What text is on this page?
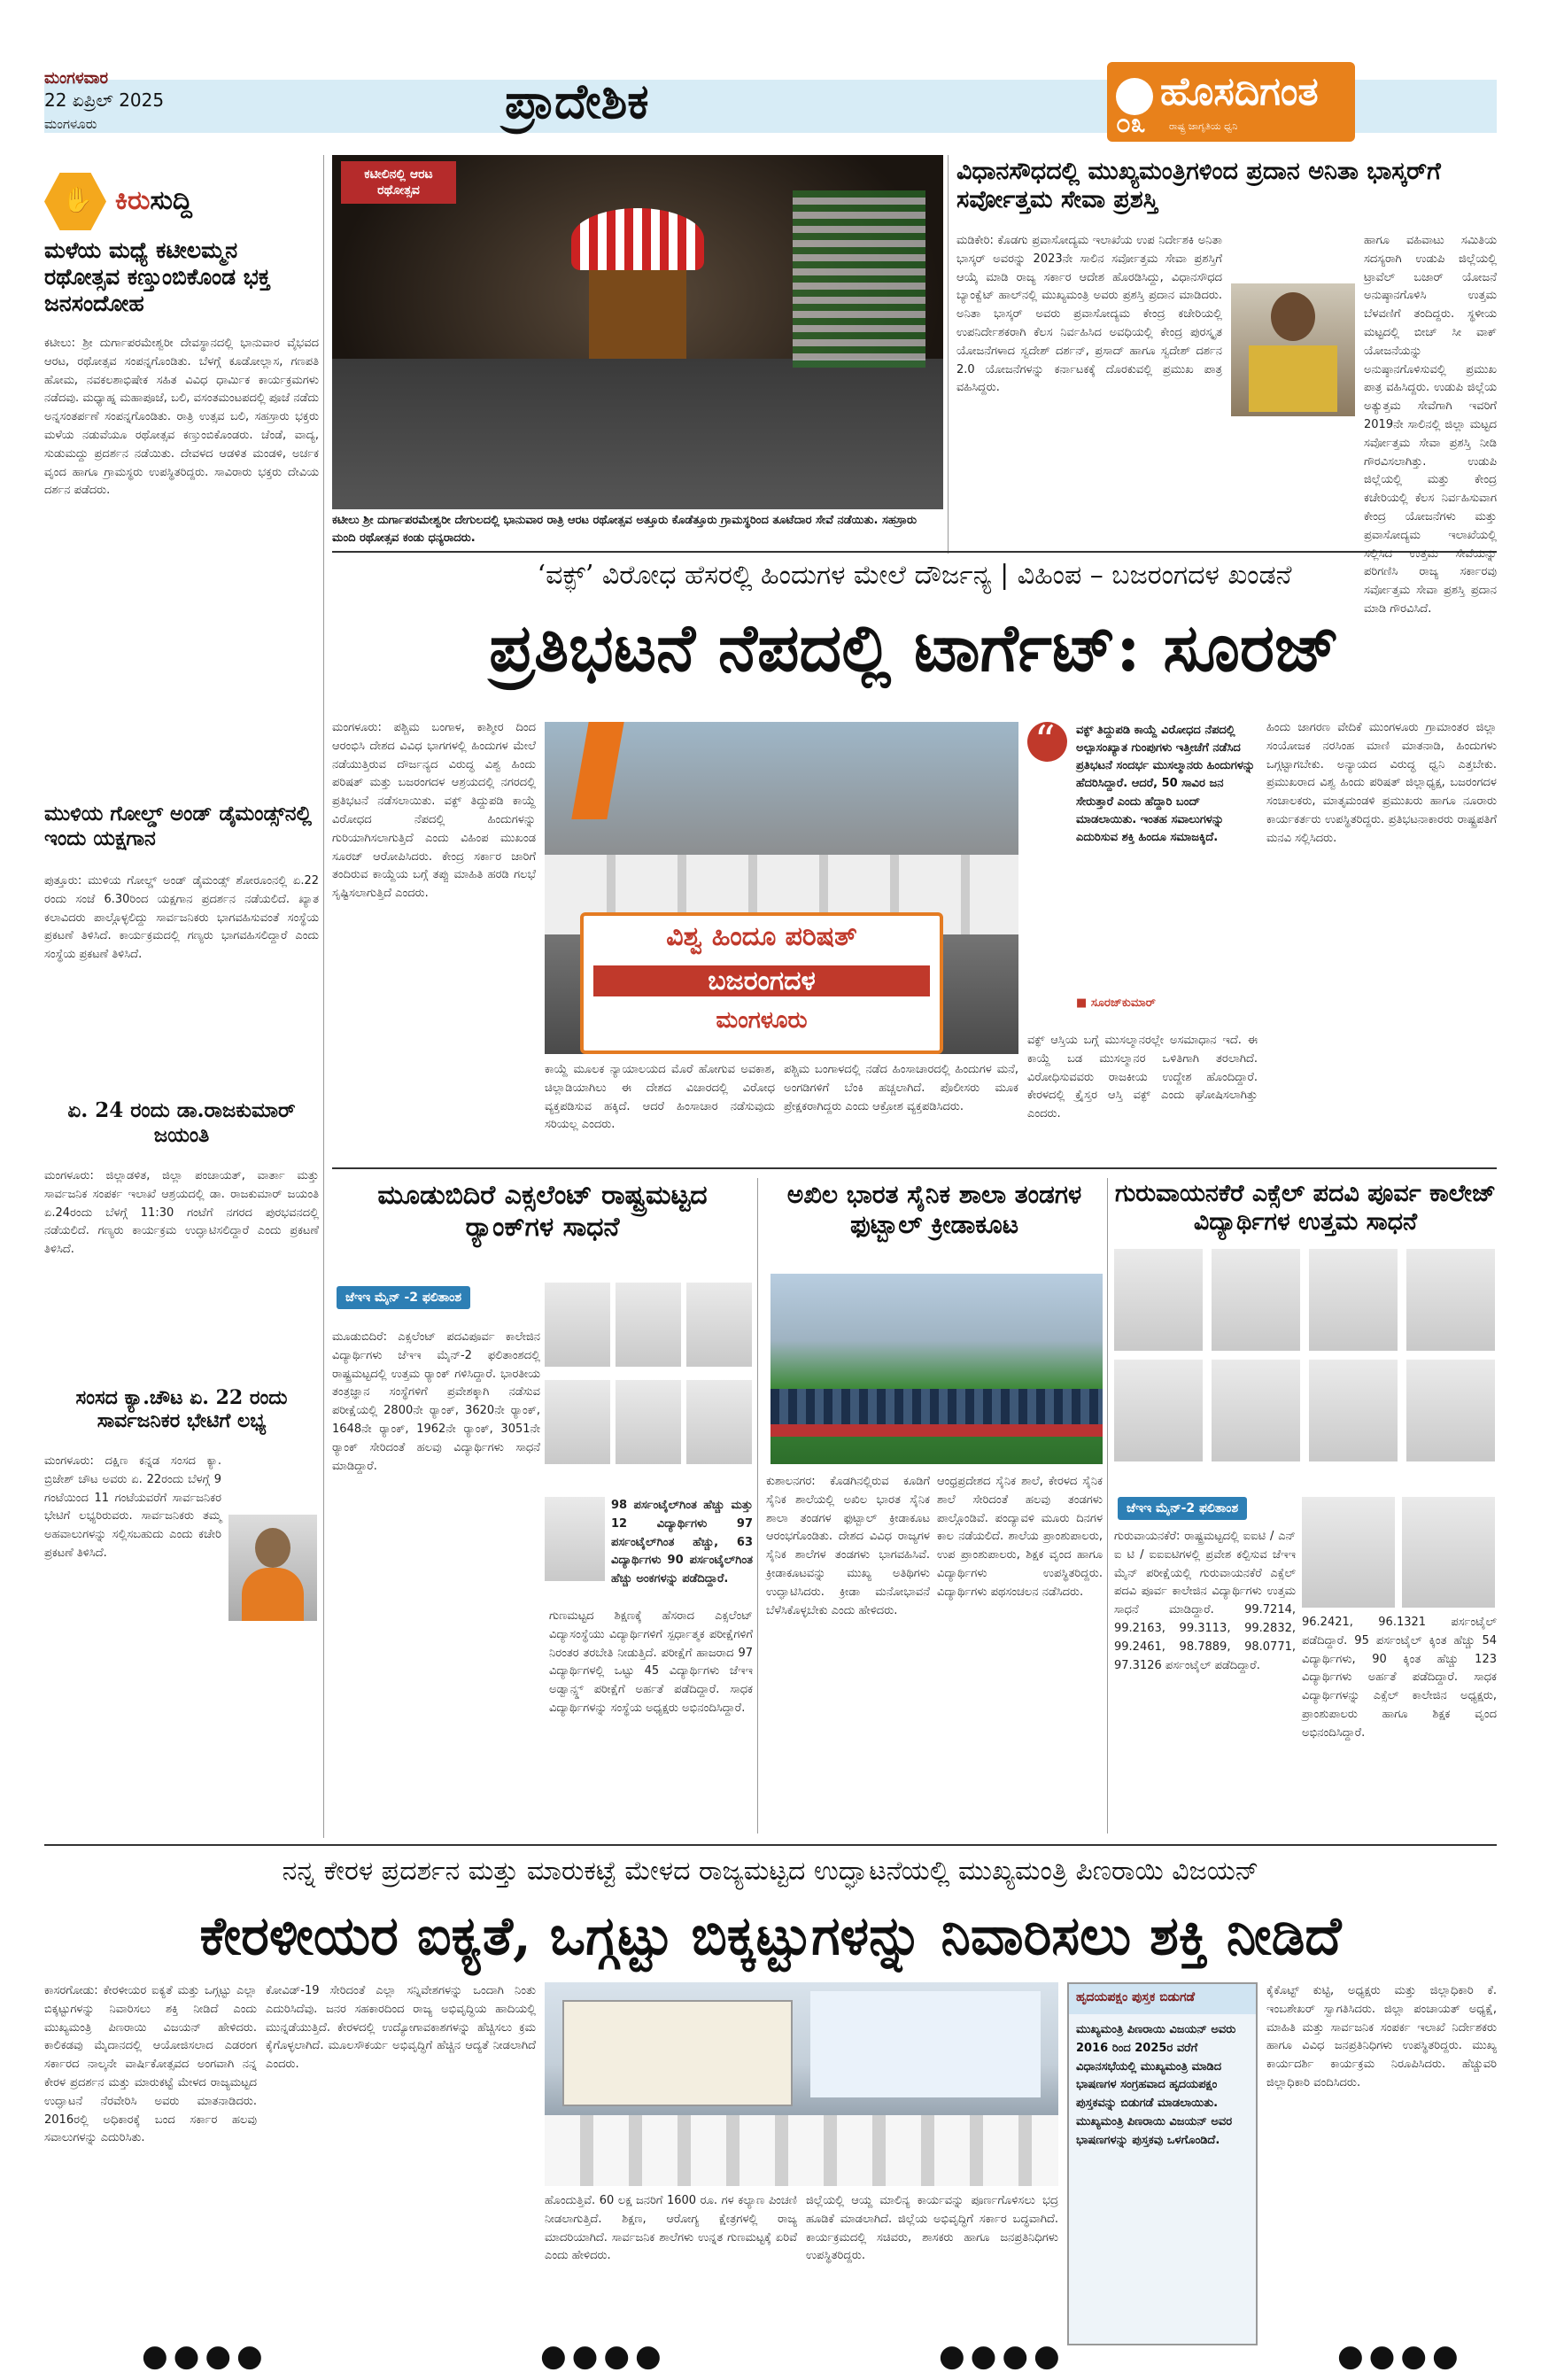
ಮಂಗಳವಾರ
22 ಏಪ್ರಿಲ್ 2025
ಮಂಗಳೂರು	ಪ್ರಾದೇಶಿಕ	ಹೊಸದಿಗಂತ
ರಾಷ್ಟ್ರ ಜಾಗೃತಿಯ ಧ್ವನಿ
೦೩
✋
ಕಿರುಸುದ್ದಿ
ಮಳೆಯ ಮಧ್ಯೆ ಕಟೀಲಮ್ಮನ ರಥೋತ್ಸವ ಕಣ್ತುಂಬಿಕೊಂಡ ಭಕ್ತ ಜನಸಂದೋಹ
ಕಟೀಲು: ಶ್ರೀ ದುರ್ಗಾಪರಮೇಶ್ವರೀ ದೇವಸ್ಥಾನದಲ್ಲಿ ಭಾನುವಾರ ವೈಭವದ ಆರಟ, ರಥೋತ್ಸವ ಸಂಪನ್ನಗೊಂಡಿತು. ಬೆಳಗ್ಗೆ ಕೂಡೋಲ್ಲಾಸ, ಗಣಪತಿ ಹೋಮ, ನವಕಲಶಾಭಿಷೇಕ ಸಹಿತ ವಿವಿಧ ಧಾರ್ಮಿಕ ಕಾರ್ಯಕ್ರಮಗಳು ನಡೆದವು. ಮಧ್ಯಾಹ್ನ ಮಹಾಪೂಜೆ, ಬಲಿ, ವಸಂತಮಂಟಪದಲ್ಲಿ ಪೂಜೆ ನಡೆದು ಅನ್ನಸಂತರ್ಪಣೆ ಸಂಪನ್ನಗೊಂಡಿತು. ರಾತ್ರಿ ಉತ್ಸವ ಬಲಿ, ಸಹಸ್ರಾರು ಭಕ್ತರು ಮಳೆಯ ನಡುವೆಯೂ ರಥೋತ್ಸವ ಕಣ್ತುಂಬಿಕೊಂಡರು. ಚೆಂಡೆ, ವಾದ್ಯ, ಸುಡುಮದ್ದು ಪ್ರದರ್ಶನ ನಡೆಯಿತು. ದೇವಳದ ಆಡಳಿತ ಮಂಡಳಿ, ಅರ್ಚಕ ವೃಂದ ಹಾಗೂ ಗ್ರಾಮಸ್ಥರು ಉಪಸ್ಥಿತರಿದ್ದರು. ಸಾವಿರಾರು ಭಕ್ತರು ದೇವಿಯ ದರ್ಶನ ಪಡೆದರು.
ಮುಳಿಯ ಗೋಲ್ಡ್ ಅಂಡ್ ಡೈಮಂಡ್ಸ್‌ನಲ್ಲಿ ಇಂದು ಯಕ್ಷಗಾನ
ಪುತ್ತೂರು: ಮುಳಿಯ ಗೋಲ್ಡ್ ಅಂಡ್ ಡೈಮಂಡ್ಸ್ ಶೋರೂಂನಲ್ಲಿ ಏ.22 ರಂದು ಸಂಜೆ 6.30ರಿಂದ ಯಕ್ಷಗಾನ ಪ್ರದರ್ಶನ ನಡೆಯಲಿದೆ. ಖ್ಯಾತ ಕಲಾವಿದರು ಪಾಲ್ಗೊಳ್ಳಲಿದ್ದು ಸಾರ್ವಜನಿಕರು ಭಾಗವಹಿಸುವಂತೆ ಸಂಸ್ಥೆಯ ಪ್ರಕಟಣೆ ತಿಳಿಸಿದೆ. ಕಾರ್ಯಕ್ರಮದಲ್ಲಿ ಗಣ್ಯರು ಭಾಗವಹಿಸಲಿದ್ದಾರೆ ಎಂದು ಸಂಸ್ಥೆಯ ಪ್ರಕಟಣೆ ತಿಳಿಸಿದೆ.
ಏ. 24 ರಂದು ಡಾ.ರಾಜಕುಮಾರ್ ಜಯಂತಿ
ಮಂಗಳೂರು: ಜಿಲ್ಲಾಡಳಿತ, ಜಿಲ್ಲಾ ಪಂಚಾಯತ್, ವಾರ್ತಾ ಮತ್ತು ಸಾರ್ವಜನಿಕ ಸಂಪರ್ಕ ಇಲಾಖೆ ಆಶ್ರಯದಲ್ಲಿ ಡಾ. ರಾಜಕುಮಾರ್ ಜಯಂತಿ ಏ.24ರಂದು ಬೆಳಗ್ಗೆ 11:30 ಗಂಟೆಗೆ ನಗರದ ಪುರಭವನದಲ್ಲಿ ನಡೆಯಲಿದೆ. ಗಣ್ಯರು ಕಾರ್ಯಕ್ರಮ ಉದ್ಘಾಟಿಸಲಿದ್ದಾರೆ ಎಂದು ಪ್ರಕಟಣೆ ತಿಳಿಸಿದೆ.
ಸಂಸದ ಕ್ಯಾ.ಚೌಟ ಏ. 22 ರಂದು ಸಾರ್ವಜನಿಕರ ಭೇಟಿಗೆ ಲಭ್ಯ
ಮಂಗಳೂರು: ದಕ್ಷಿಣ ಕನ್ನಡ ಸಂಸದ ಕ್ಯಾ. ಬ್ರಿಜೇಶ್ ಚೌಟ ಅವರು ಏ. 22ರಂದು ಬೆಳಗ್ಗೆ 9 ಗಂಟೆಯಿಂದ 11 ಗಂಟೆಯವರೆಗೆ ಸಾರ್ವಜನಿಕರ ಭೇಟಿಗೆ ಲಭ್ಯರಿರುವರು. ಸಾರ್ವಜನಿಕರು ತಮ್ಮ ಅಹವಾಲುಗಳನ್ನು ಸಲ್ಲಿಸಬಹುದು ಎಂದು ಕಚೇರಿ ಪ್ರಕಟಣೆ ತಿಳಿಸಿದೆ.
ಕಟೀಲಿನಲ್ಲಿ ಆರಟ ರಥೋತ್ಸವ
ಕಟೀಲು ಶ್ರೀ ದುರ್ಗಾಪರಮೇಶ್ವರೀ ದೇಗುಲದಲ್ಲಿ ಭಾನುವಾರ ರಾತ್ರಿ ಆರಟ ರಥೋತ್ಸವ ಅತ್ತೂರು ಕೊಡೆತ್ತೂರು ಗ್ರಾಮಸ್ಥರಿಂದ ತೂಟೆದಾರ ಸೇವೆ ನಡೆಯಿತು. ಸಹಸ್ರಾರು ಮಂದಿ ರಥೋತ್ಸವ ಕಂಡು ಧನ್ಯರಾದರು.
ವಿಧಾನಸೌಧದಲ್ಲಿ ಮುಖ್ಯಮಂತ್ರಿಗಳಿಂದ ಪ್ರದಾನ ಅನಿತಾ ಭಾಸ್ಕರ್‌ಗೆ ಸರ್ವೋತ್ತಮ ಸೇವಾ ಪ್ರಶಸ್ತಿ
ಮಡಿಕೇರಿ: ಕೊಡಗು ಪ್ರವಾಸೋದ್ಯಮ ಇಲಾಖೆಯ ಉಪ ನಿರ್ದೇಶಕಿ ಅನಿತಾ ಭಾಸ್ಕರ್ ಅವರನ್ನು 2023ನೇ ಸಾಲಿನ ಸರ್ವೋತ್ತಮ ಸೇವಾ ಪ್ರಶಸ್ತಿಗೆ ಆಯ್ಕೆ ಮಾಡಿ ರಾಜ್ಯ ಸರ್ಕಾರ ಆದೇಶ ಹೊರಡಿಸಿದ್ದು, ವಿಧಾನಸೌಧದ ಬ್ಯಾಂಕ್ವೆಟ್ ಹಾಲ್‌ನಲ್ಲಿ ಮುಖ್ಯಮಂತ್ರಿ ಅವರು ಪ್ರಶಸ್ತಿ ಪ್ರದಾನ ಮಾಡಿದರು. ಅನಿತಾ ಭಾಸ್ಕರ್ ಅವರು ಪ್ರವಾಸೋದ್ಯಮ ಕೇಂದ್ರ ಕಚೇರಿಯಲ್ಲಿ ಉಪನಿರ್ದೇಶಕರಾಗಿ ಕೆಲಸ ನಿರ್ವಹಿಸಿದ ಅವಧಿಯಲ್ಲಿ ಕೇಂದ್ರ ಪುರಸ್ಕೃತ ಯೋಜನೆಗಳಾದ ಸ್ವದೇಶ್ ದರ್ಶನ್, ಪ್ರಸಾದ್ ಹಾಗೂ ಸ್ವದೇಶ್ ದರ್ಶನ 2.0 ಯೋಜನೆಗಳನ್ನು ಕರ್ನಾಟಕಕ್ಕೆ ದೊರಕುವಲ್ಲಿ ಪ್ರಮುಖ ಪಾತ್ರ ವಹಿಸಿದ್ದರು.
ಹಾಗೂ ವಹಿವಾಟು ಸಮಿತಿಯ ಸದಸ್ಯರಾಗಿ ಉಡುಪಿ ಜಿಲ್ಲೆಯಲ್ಲಿ ಟ್ರಾವೆಲ್ ಬಜಾರ್ ಯೋಜನೆ ಅನುಷ್ಠಾನಗೊಳಿಸಿ ಉತ್ತಮ ಬೆಳವಣಿಗೆ ತಂದಿದ್ದರು. ಸ್ಥಳೀಯ ಮಟ್ಟದಲ್ಲಿ ಬೀಚ್ ಸೀ ವಾಕ್ ಯೋಜನೆಯನ್ನು ಅನುಷ್ಠಾನಗೊಳಿಸುವಲ್ಲಿ ಪ್ರಮುಖ ಪಾತ್ರ ವಹಿಸಿದ್ದರು. ಉಡುಪಿ ಜಿಲ್ಲೆಯ ಅತ್ಯುತ್ತಮ ಸೇವೆಗಾಗಿ ಇವರಿಗೆ 2019ನೇ ಸಾಲಿನಲ್ಲಿ ಜಿಲ್ಲಾ ಮಟ್ಟದ ಸರ್ವೋತ್ತಮ ಸೇವಾ ಪ್ರಶಸ್ತಿ ನೀಡಿ ಗೌರವಿಸಲಾಗಿತ್ತು. ಉಡುಪಿ ಜಿಲ್ಲೆಯಲ್ಲಿ ಮತ್ತು ಕೇಂದ್ರ ಕಚೇರಿಯಲ್ಲಿ ಕೆಲಸ ನಿರ್ವಹಿಸುವಾಗ ಕೇಂದ್ರ ಯೋಜನೆಗಳು ಮತ್ತು ಪ್ರವಾಸೋದ್ಯಮ ಇಲಾಖೆಯಲ್ಲಿ ಸಲ್ಲಿಸಿದ ಉತ್ತಮ ಸೇವೆಯನ್ನು ಪರಿಗಣಿಸಿ ರಾಜ್ಯ ಸರ್ಕಾರವು ಸರ್ವೋತ್ತಮ ಸೇವಾ ಪ್ರಶಸ್ತಿ ಪ್ರದಾನ ಮಾಡಿ ಗೌರವಿಸಿದೆ.
‘ವಕ್ಫ್’ ವಿರೋಧ ಹೆಸರಲ್ಲಿ ಹಿಂದುಗಳ ಮೇಲೆ ದೌರ್ಜನ್ಯ | ವಿಹಿಂಪ – ಬಜರಂಗದಳ ಖಂಡನೆ
ಪ್ರತಿಭಟನೆ ನೆಪದಲ್ಲಿ ಟಾರ್ಗೆಟ್: ಸೂರಜ್
ಮಂಗಳೂರು: ಪಶ್ಚಿಮ ಬಂಗಾಳ, ಕಾಶ್ಮೀರ ದಿಂದ ಆರಂಭಿಸಿ ದೇಶದ ವಿವಿಧ ಭಾಗಗಳಲ್ಲಿ ಹಿಂದುಗಳ ಮೇಲೆ ನಡೆಯುತ್ತಿರುವ ದೌರ್ಜನ್ಯದ ವಿರುದ್ಧ ವಿಶ್ವ ಹಿಂದು ಪರಿಷತ್ ಮತ್ತು ಬಜರಂಗದಳ ಆಶ್ರಯದಲ್ಲಿ ನಗರದಲ್ಲಿ ಪ್ರತಿಭಟನೆ ನಡೆಸಲಾಯಿತು. ವಕ್ಫ್ ತಿದ್ದುಪಡಿ ಕಾಯ್ದೆ ವಿರೋಧದ ನೆಪದಲ್ಲಿ ಹಿಂದುಗಳನ್ನು ಗುರಿಯಾಗಿಸಲಾಗುತ್ತಿದೆ ಎಂದು ವಿಹಿಂಪ ಮುಖಂಡ ಸೂರಜ್ ಆರೋಪಿಸಿದರು. ಕೇಂದ್ರ ಸರ್ಕಾರ ಜಾರಿಗೆ ತಂದಿರುವ ಕಾಯ್ದೆಯ ಬಗ್ಗೆ ತಪ್ಪು ಮಾಹಿತಿ ಹರಡಿ ಗಲಭೆ ಸೃಷ್ಟಿಸಲಾಗುತ್ತಿದೆ ಎಂದರು.
ವಿಶ್ವ ಹಿಂದೂ ಪರಿಷತ್
ಬಜರಂಗದಳ
ಮಂಗಳೂರು
ಕಾಯ್ದೆ ಮೂಲಕ ನ್ಯಾಯಾಲಯದ ಮೊರೆ ಹೋಗುವ ಅವಕಾಶ, ಚಿಲ್ಲಾಡಿಯಾಗಿಲು ಈ ದೇಶದ ವಿಚಾರದಲ್ಲಿ ವಿರೋಧ ವ್ಯಕ್ತಪಡಿಸುವ ಹಕ್ಕಿದೆ. ಆದರೆ ಹಿಂಸಾಚಾರ ನಡೆಸುವುದು ಸರಿಯಲ್ಲ ಎಂದರು.
ಪಶ್ಚಿಮ ಬಂಗಾಳದಲ್ಲಿ ನಡೆದ ಹಿಂಸಾಚಾರದಲ್ಲಿ ಹಿಂದುಗಳ ಮನೆ, ಅಂಗಡಿಗಳಿಗೆ ಬೆಂಕಿ ಹಚ್ಚಲಾಗಿದೆ. ಪೊಲೀಸರು ಮೂಕ ಪ್ರೇಕ್ಷಕರಾಗಿದ್ದರು ಎಂದು ಆಕ್ರೋಶ ವ್ಯಕ್ತಪಡಿಸಿದರು.
“ ವಕ್ಫ್ ತಿದ್ದುಪಡಿ ಕಾಯ್ದೆ ವಿರೋಧದ ನೆಪದಲ್ಲಿ ಅಲ್ಪಾಸಂಖ್ಯಾತ ಗುಂಪುಗಳು ಇತ್ತೀಚೆಗೆ ನಡೆಸಿದ ಪ್ರತಿಭಟನೆ ಸಂದರ್ಭ ಮುಸಲ್ಮಾನರು ಹಿಂದುಗಳನ್ನು ಹೆದರಿಸಿದ್ದಾರೆ. ಆದರೆ, 50 ಸಾವಿರ ಜನ ಸೇರುತ್ತಾರೆ ಎಂದು ಹೆದ್ದಾರಿ ಬಂದ್ ಮಾಡಲಾಯಿತು. ಇಂತಹ ಸವಾಲುಗಳನ್ನು ಎದುರಿಸುವ ಶಕ್ತಿ ಹಿಂದೂ ಸಮಾಜಕ್ಕಿದೆ.
■ ಸೂರಜ್‌ಕುಮಾರ್
ವಕ್ಫ್ ಆಸ್ತಿಯ ಬಗ್ಗೆ ಮುಸಲ್ಮಾನರಲ್ಲೇ ಅಸಮಾಧಾನ ಇದೆ. ಈ ಕಾಯ್ದೆ ಬಡ ಮುಸಲ್ಮಾನರ ಒಳಿತಿಗಾಗಿ ತರಲಾಗಿದೆ. ವಿರೋಧಿಸುವವರು ರಾಜಕೀಯ ಉದ್ದೇಶ ಹೊಂದಿದ್ದಾರೆ. ಕೇರಳದಲ್ಲಿ ಕ್ರೈಸ್ತರ ಆಸ್ತಿ ವಕ್ಫ್ ಎಂದು ಘೋಷಿಸಲಾಗಿತ್ತು ಎಂದರು.
ಹಿಂದು ಜಾಗರಣ ವೇದಿಕೆ ಮುಂಗಳೂರು ಗ್ರಾಮಾಂತರ ಜಿಲ್ಲಾ ಸಂಯೋಜಕ ನರಸಿಂಹ ಮಾಣಿ ಮಾತನಾಡಿ, ಹಿಂದುಗಳು ಒಗ್ಗಟ್ಟಾಗಬೇಕು. ಅನ್ಯಾಯದ ವಿರುದ್ಧ ಧ್ವನಿ ಎತ್ತಬೇಕು. ಪ್ರಮುಖರಾದ ವಿಶ್ವ ಹಿಂದು ಪರಿಷತ್ ಜಿಲ್ಲಾಧ್ಯಕ್ಷ, ಬಜರಂಗದಳ ಸಂಚಾಲಕರು, ಮಾತೃಮಂಡಳಿ ಪ್ರಮುಖರು ಹಾಗೂ ನೂರಾರು ಕಾರ್ಯಕರ್ತರು ಉಪಸ್ಥಿತರಿದ್ದರು. ಪ್ರತಿಭಟನಾಕಾರರು ರಾಷ್ಟ್ರಪತಿಗೆ ಮನವಿ ಸಲ್ಲಿಸಿದರು.
ಮೂಡುಬಿದಿರೆ ಎಕ್ಸಲೆಂಟ್ ರಾಷ್ಟ್ರಮಟ್ಟದ ರ್‍ಯಾಂಕ್‌ಗಳ ಸಾಧನೆ
ಜೆಇಇ ಮೈನ್ -2 ಫಲಿತಾಂಶ
ಮೂಡುಬಿದಿರೆ: ಎಕ್ಸಲೆಂಟ್ ಪದವಿಪೂರ್ವ ಕಾಲೇಜಿನ ವಿದ್ಯಾರ್ಥಿಗಳು ಜೆಇಇ ಮೈನ್-2 ಫಲಿತಾಂಶದಲ್ಲಿ ರಾಷ್ಟ್ರಮಟ್ಟದಲ್ಲಿ ಉತ್ತಮ ರ್‍ಯಾಂಕ್ ಗಳಿಸಿದ್ದಾರೆ. ಭಾರತೀಯ ತಂತ್ರಜ್ಞಾನ ಸಂಸ್ಥೆಗಳಿಗೆ ಪ್ರವೇಶಕ್ಕಾಗಿ ನಡೆಸುವ ಪರೀಕ್ಷೆಯಲ್ಲಿ 2800ನೇ ರ್‍ಯಾಂಕ್, 3620ನೇ ರ್‍ಯಾಂಕ್, 1648ನೇ ರ್‍ಯಾಂಕ್, 1962ನೇ ರ್‍ಯಾಂಕ್, 3051ನೇ ರ್‍ಯಾಂಕ್ ಸೇರಿದಂತೆ ಹಲವು ವಿದ್ಯಾರ್ಥಿಗಳು ಸಾಧನೆ ಮಾಡಿದ್ದಾರೆ.
98 ಪರ್ಸಂಟೈಲ್‌ಗಿಂತ ಹೆಚ್ಚು ಮತ್ತು 12 ವಿದ್ಯಾರ್ಥಿಗಳು 97 ಪರ್ಸಂಟೈಲ್‌ಗಿಂತ ಹೆಚ್ಚು, 63 ವಿದ್ಯಾರ್ಥಿಗಳು 90 ಪರ್ಸಂಟೈಲ್‌ಗಿಂತ ಹೆಚ್ಚು ಅಂಕಗಳನ್ನು ಪಡೆದಿದ್ದಾರೆ.
ಗುಣಮಟ್ಟದ ಶಿಕ್ಷಣಕ್ಕೆ ಹೆಸರಾದ ಎಕ್ಸಲೆಂಟ್ ವಿದ್ಯಾಸಂಸ್ಥೆಯು ವಿದ್ಯಾರ್ಥಿಗಳಿಗೆ ಸ್ಪರ್ಧಾತ್ಮಕ ಪರೀಕ್ಷೆಗಳಿಗೆ ನಿರಂತರ ತರಬೇತಿ ನೀಡುತ್ತಿದೆ. ಪರೀಕ್ಷೆಗೆ ಹಾಜರಾದ 97 ವಿದ್ಯಾರ್ಥಿಗಳಲ್ಲಿ ಒಟ್ಟು 45 ವಿದ್ಯಾರ್ಥಿಗಳು ಜೆಇಇ ಅಡ್ವಾನ್ಸ್ಡ್ ಪರೀಕ್ಷೆಗೆ ಅರ್ಹತೆ ಪಡೆದಿದ್ದಾರೆ. ಸಾಧಕ ವಿದ್ಯಾರ್ಥಿಗಳನ್ನು ಸಂಸ್ಥೆಯ ಅಧ್ಯಕ್ಷರು ಅಭಿನಂದಿಸಿದ್ದಾರೆ.
ಅಖಿಲ ಭಾರತ ಸೈನಿಕ ಶಾಲಾ ತಂಡಗಳ ಫುಟ್ಬಾಲ್ ಕ್ರೀಡಾಕೂಟ
ಕುಶಾಲನಗರ: ಕೊಡಗಿನಲ್ಲಿರುವ ಕೂಡಿಗೆ ಸೈನಿಕ ಶಾಲೆಯಲ್ಲಿ ಅಖಿಲ ಭಾರತ ಸೈನಿಕ ಶಾಲಾ ತಂಡಗಳ ಫುಟ್ಬಾಲ್ ಕ್ರೀಡಾಕೂಟ ಆರಂಭಗೊಂಡಿತು. ದೇಶದ ವಿವಿಧ ರಾಜ್ಯಗಳ ಸೈನಿಕ ಶಾಲೆಗಳ ತಂಡಗಳು ಭಾಗವಹಿಸಿವೆ. ಕ್ರೀಡಾಕೂಟವನ್ನು ಮುಖ್ಯ ಅತಿಥಿಗಳು ಉದ್ಘಾಟಿಸಿದರು. ಕ್ರೀಡಾ ಮನೋಭಾವನೆ ಬೆಳೆಸಿಕೊಳ್ಳಬೇಕು ಎಂದು ಹೇಳಿದರು.
ಆಂಧ್ರಪ್ರದೇಶದ ಸೈನಿಕ ಶಾಲೆ, ಕೇರಳದ ಸೈನಿಕ ಶಾಲೆ ಸೇರಿದಂತೆ ಹಲವು ತಂಡಗಳು ಪಾಲ್ಗೊಂಡಿವೆ. ಪಂದ್ಯಾವಳಿ ಮೂರು ದಿನಗಳ ಕಾಲ ನಡೆಯಲಿದೆ. ಶಾಲೆಯ ಪ್ರಾಂಶುಪಾಲರು, ಉಪ ಪ್ರಾಂಶುಪಾಲರು, ಶಿಕ್ಷಕ ವೃಂದ ಹಾಗೂ ವಿದ್ಯಾರ್ಥಿಗಳು ಉಪಸ್ಥಿತರಿದ್ದರು. ವಿದ್ಯಾರ್ಥಿಗಳು ಪಥಸಂಚಲನ ನಡೆಸಿದರು.
ಗುರುವಾಯನಕೆರೆ ಎಕ್ಸೆಲ್ ಪದವಿ ಪೂರ್ವ ಕಾಲೇಜ್ ವಿದ್ಯಾರ್ಥಿಗಳ ಉತ್ತಮ ಸಾಧನೆ
ಜೆಇಇ ಮೈನ್-2 ಫಲಿತಾಂಶ
ಗುರುವಾಯನಕೆರೆ: ರಾಷ್ಟ್ರಮಟ್ಟದಲ್ಲಿ ಐಐಟಿ / ಎನ್ ಐ ಟಿ / ಐಐಐಟಿಗಳಲ್ಲಿ ಪ್ರವೇಶ ಕಲ್ಪಿಸುವ ಜೆಇಇ ಮೈನ್ ಪರೀಕ್ಷೆಯಲ್ಲಿ ಗುರುವಾಯನಕೆರೆ ಎಕ್ಸೆಲ್ ಪದವಿ ಪೂರ್ವ ಕಾಲೇಜಿನ ವಿದ್ಯಾರ್ಥಿಗಳು ಉತ್ತಮ ಸಾಧನೆ ಮಾಡಿದ್ದಾರೆ. 99.7214, 99.2163, 99.3113, 99.2832, 99.2461, 98.7889, 98.0771, 97.3126 ಪರ್ಸಂಟೈಲ್ ಪಡೆದಿದ್ದಾರೆ.
96.2421, 96.1321 ಪರ್ಸಂಟೈಲ್ ಪಡೆದಿದ್ದಾರೆ. 95 ಪರ್ಸಂಟೈಲ್ ಕ್ಕಿಂತ ಹೆಚ್ಚು 54 ವಿದ್ಯಾರ್ಥಿಗಳು, 90 ಕ್ಕಿಂತ ಹೆಚ್ಚು 123 ವಿದ್ಯಾರ್ಥಿಗಳು ಅರ್ಹತೆ ಪಡೆದಿದ್ದಾರೆ. ಸಾಧಕ ವಿದ್ಯಾರ್ಥಿಗಳನ್ನು ಎಕ್ಸೆಲ್ ಕಾಲೇಜಿನ ಅಧ್ಯಕ್ಷರು, ಪ್ರಾಂಶುಪಾಲರು ಹಾಗೂ ಶಿಕ್ಷಕ ವೃಂದ ಅಭಿನಂದಿಸಿದ್ದಾರೆ.
ನನ್ನ ಕೇರಳ ಪ್ರದರ್ಶನ ಮತ್ತು ಮಾರುಕಟ್ಟೆ ಮೇಳದ ರಾಜ್ಯಮಟ್ಟದ ಉದ್ಘಾಟನೆಯಲ್ಲಿ ಮುಖ್ಯಮಂತ್ರಿ ಪಿಣರಾಯಿ ವಿಜಯನ್
ಕೇರಳೀಯರ ಐಕ್ಯತೆ, ಒಗ್ಗಟ್ಟು ಬಿಕ್ಕಟ್ಟುಗಳನ್ನು ನಿವಾರಿಸಲು ಶಕ್ತಿ ನೀಡಿದೆ
ಕಾಸರಗೋಡು: ಕೇರಳೀಯರ ಐಕ್ಯತೆ ಮತ್ತು ಒಗ್ಗಟ್ಟು ಎಲ್ಲಾ ಬಿಕ್ಕಟ್ಟುಗಳನ್ನು ನಿವಾರಿಸಲು ಶಕ್ತಿ ನೀಡಿದೆ ಎಂದು ಮುಖ್ಯಮಂತ್ರಿ ಪಿಣರಾಯಿ ವಿಜಯನ್ ಹೇಳಿದರು. ಕಾಲಿಕಡವು ಮೈದಾನದಲ್ಲಿ ಆಯೋಜಿಸಲಾದ ಎಡರಂಗ ಸರ್ಕಾರದ ನಾಲ್ಕನೇ ವಾರ್ಷಿಕೋತ್ಸವದ ಅಂಗವಾಗಿ ನನ್ನ ಕೇರಳ ಪ್ರದರ್ಶನ ಮತ್ತು ಮಾರುಕಟ್ಟೆ ಮೇಳದ ರಾಜ್ಯಮಟ್ಟದ ಉದ್ಘಾಟನೆ ನೆರವೇರಿಸಿ ಅವರು ಮಾತನಾಡಿದರು. 2016ರಲ್ಲಿ ಅಧಿಕಾರಕ್ಕೆ ಬಂದ ಸರ್ಕಾರ ಹಲವು ಸವಾಲುಗಳನ್ನು ಎದುರಿಸಿತು.
ಕೋವಿಡ್-19 ಸೇರಿದಂತೆ ಎಲ್ಲಾ ಸನ್ನಿವೇಶಗಳನ್ನು ಒಂದಾಗಿ ನಿಂತು ಎದುರಿಸಿದೆವು. ಜನರ ಸಹಕಾರದಿಂದ ರಾಜ್ಯ ಅಭಿವೃದ್ಧಿಯ ಹಾದಿಯಲ್ಲಿ ಮುನ್ನಡೆಯುತ್ತಿದೆ. ಕೇರಳದಲ್ಲಿ ಉದ್ಯೋಗಾವಕಾಶಗಳನ್ನು ಹೆಚ್ಚಿಸಲು ಕ್ರಮ ಕೈಗೊಳ್ಳಲಾಗಿದೆ. ಮೂಲಸೌಕರ್ಯ ಅಭಿವೃದ್ಧಿಗೆ ಹೆಚ್ಚಿನ ಆದ್ಯತೆ ನೀಡಲಾಗಿದೆ ಎಂದರು.
ಹೊಂದುತ್ತಿವೆ. 60 ಲಕ್ಷ ಜನರಿಗೆ 1600 ರೂ. ಗಳ ಕಲ್ಯಾಣ ಪಿಂಚಣಿ ನೀಡಲಾಗುತ್ತಿದೆ. ಶಿಕ್ಷಣ, ಆರೋಗ್ಯ ಕ್ಷೇತ್ರಗಳಲ್ಲಿ ರಾಜ್ಯ ಮಾದರಿಯಾಗಿದೆ. ಸಾರ್ವಜನಿಕ ಶಾಲೆಗಳು ಉನ್ನತ ಗುಣಮಟ್ಟಕ್ಕೆ ಏರಿವೆ ಎಂದು ಹೇಳಿದರು.
ಜಿಲ್ಲೆಯಲ್ಲಿ ಆಯ್ದ ಮಾಲಿನ್ಯ ಕಾರ್ಯವನ್ನು ಪೂರ್ಣಗೊಳಿಸಲು ಭದ್ರ ಹೂಡಿಕೆ ಮಾಡಲಾಗಿದೆ. ಜಿಲ್ಲೆಯ ಅಭಿವೃದ್ಧಿಗೆ ಸರ್ಕಾರ ಬದ್ಧವಾಗಿದೆ. ಕಾರ್ಯಕ್ರಮದಲ್ಲಿ ಸಚಿವರು, ಶಾಸಕರು ಹಾಗೂ ಜನಪ್ರತಿನಿಧಿಗಳು ಉಪಸ್ಥಿತರಿದ್ದರು.
ಹೃದಯಪಕ್ಷಂ ಪುಸ್ತಕ ಬಿಡುಗಡೆ
ಮುಖ್ಯಮಂತ್ರಿ ಪಿಣರಾಯಿ ವಿಜಯನ್ ಅವರು 2016 ರಿಂದ 2025ರ ವರೆಗೆ ವಿಧಾನಸಭೆಯಲ್ಲಿ ಮುಖ್ಯಮಂತ್ರಿ ಮಾಡಿದ ಭಾಷಣಗಳ ಸಂಗ್ರಹವಾದ ಹೃದಯಪಕ್ಷಂ ಪುಸ್ತಕವನ್ನು ಬಿಡುಗಡೆ ಮಾಡಲಾಯಿತು. ಮುಖ್ಯಮಂತ್ರಿ ಪಿಣರಾಯಿ ವಿಜಯನ್ ಅವರ ಭಾಷಣಗಳನ್ನು ಪುಸ್ತಕವು ಒಳಗೊಂಡಿದೆ.
ಕೈಕೊಟ್ಟ್ ಕುಟ್ಟಿ, ಅಧ್ಯಕ್ಷರು ಮತ್ತು ಜಿಲ್ಲಾಧಿಕಾರಿ ಕೆ. ಇಂಬಶೇಖರ್ ಸ್ವಾಗತಿಸಿದರು. ಜಿಲ್ಲಾ ಪಂಚಾಯತ್ ಅಧ್ಯಕ್ಷೆ, ಮಾಹಿತಿ ಮತ್ತು ಸಾರ್ವಜನಿಕ ಸಂಪರ್ಕ ಇಲಾಖೆ ನಿರ್ದೇಶಕರು ಹಾಗೂ ವಿವಿಧ ಜನಪ್ರತಿನಿಧಿಗಳು ಉಪಸ್ಥಿತರಿದ್ದರು. ಮುಖ್ಯ ಕಾರ್ಯದರ್ಶಿ ಕಾರ್ಯಕ್ರಮ ನಿರೂಪಿಸಿದರು. ಹೆಚ್ಚುವರಿ ಜಿಲ್ಲಾಧಿಕಾರಿ ವಂದಿಸಿದರು.
●●●●	●●●●	●●●●	●●●●
